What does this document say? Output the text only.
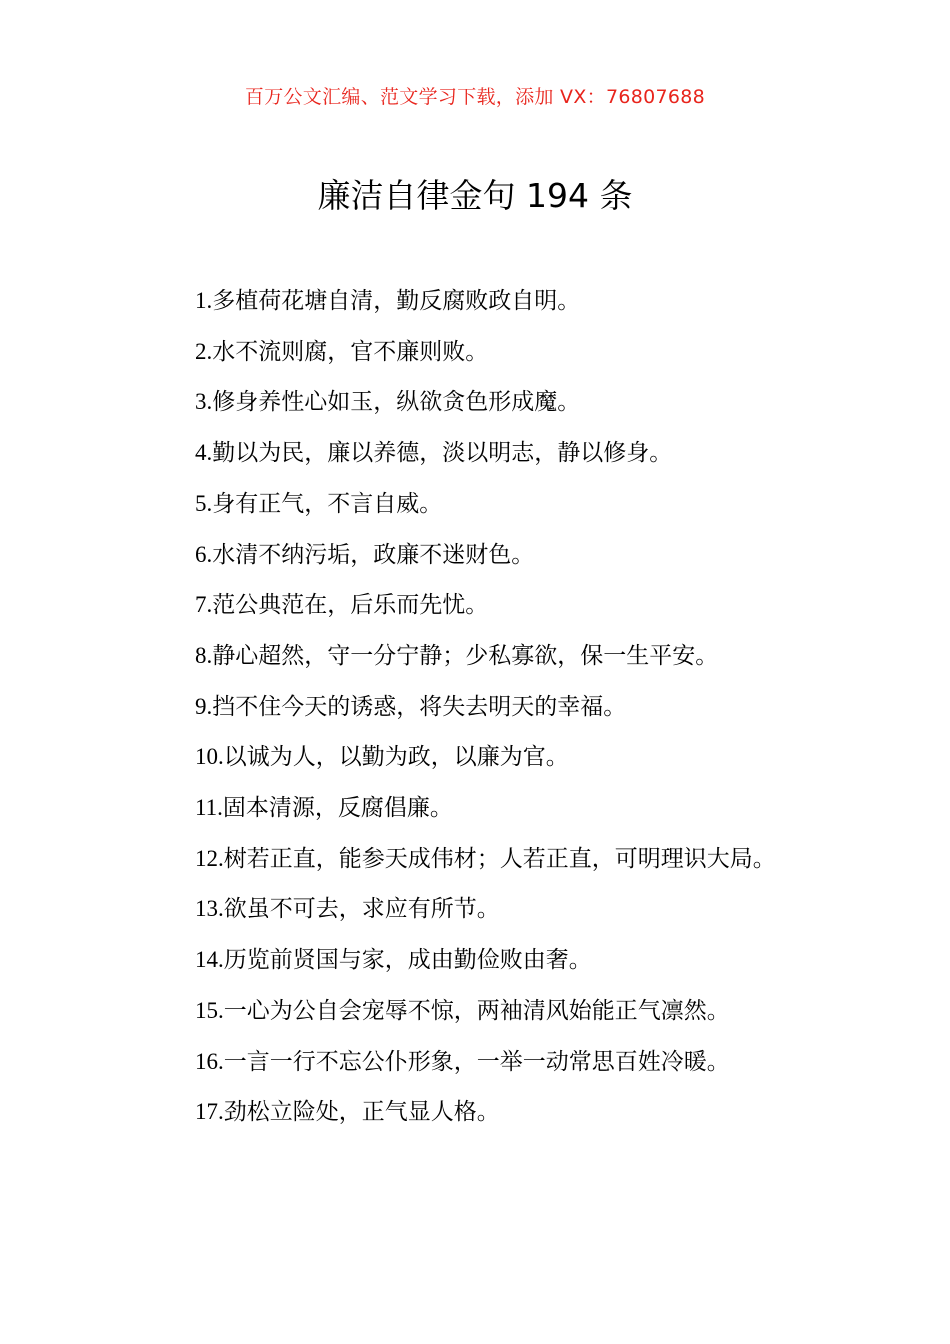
百万公文汇编、范文学习下载，添加 VX：76807688
廉洁自律金句 194 条

1.多植荷花塘自清，勤反腐败政自明。

2.水不流则腐，官不廉则败。

3.修身养性心如玉，纵欲贪色形成魔。

4.勤以为民，廉以养德，淡以明志，静以修身。

5.身有正气，不言自威。

6.水清不纳污垢，政廉不迷财色。

7.范公典范在，后乐而先忧。

8.静心超然，守一分宁静；少私寡欲，保一生平安。

9.挡不住今天的诱惑，将失去明天的幸福。

10.以诚为人，以勤为政，以廉为官。

11.固本清源，反腐倡廉。

12.树若正直，能参天成伟材；人若正直，可明理识大局。

13.欲虽不可去，求应有所节。

14.历览前贤国与家，成由勤俭败由奢。

15.一心为公自会宠辱不惊，两袖清风始能正气凛然。

16.一言一行不忘公仆形象，一举一动常思百姓冷暖。

17.劲松立险处，正气显人格。
